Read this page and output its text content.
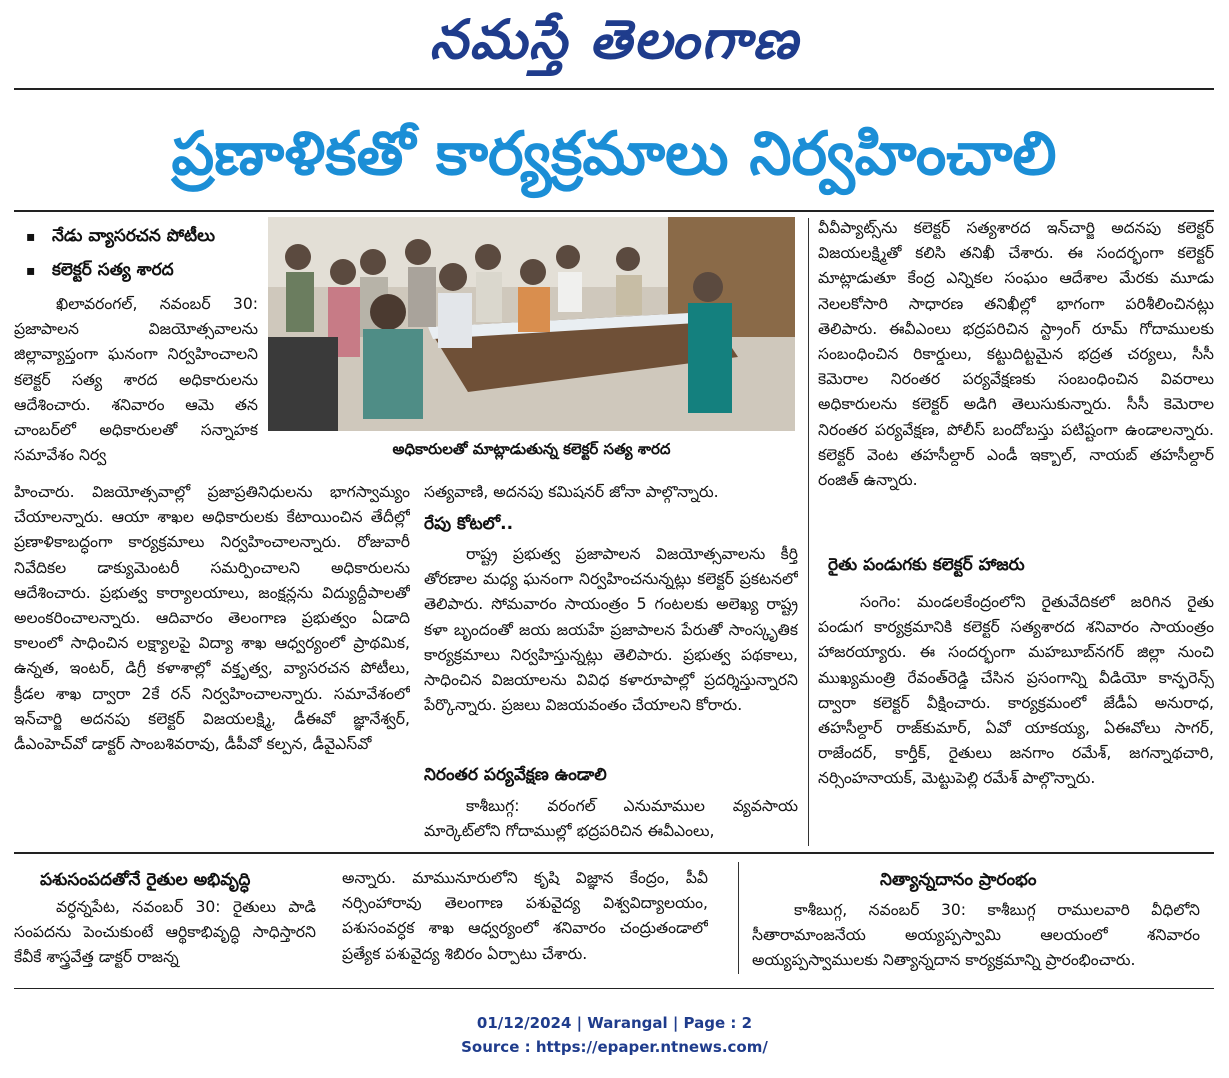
నమస్తే తెలంగాణ
ప్రణాళికతో కార్యక్రమాలు నిర్వహించాలి
▪ నేడు వ్యాసరచన పోటీలు
▪ కలెక్టర్ సత్య శారద

ఖిలావరంగల్, నవంబర్ 30: ప్రజాపాలన విజయోత్సవాలను జిల్లావ్యాప్తంగా ఘనంగా నిర్వహించాలని కలెక్టర్ సత్య శారద అధికారులను ఆదేశించారు. శనివారం ఆమె తన చాంబర్‌లో అధికారులతో సన్నాహక సమావేశం నిర్వ	అధికారులతో మాట్లాడుతున్న కలెక్టర్ సత్య శారద

హించారు. విజయోత్సవాల్లో ప్రజాప్రతినిధులను భాగస్వామ్యం చేయాలన్నారు. ఆయా శాఖల అధికారులకు కేటాయించిన తేదీల్లో ప్రణాళికాబద్ధంగా కార్యక్రమాలు నిర్వహించాలన్నారు. రోజువారీ నివేదికల డాక్యుమెంటరీ సమర్పించాలని అధికారులను ఆదేశించారు. ప్రభుత్వ కార్యాలయాలు, జంక్షన్లను విద్యుద్దీపాలతో అలంకరించాలన్నారు. ఆదివారం తెలంగాణ ప్రభుత్వం ఏడాది కాలంలో సాధించిన లక్ష్యాలపై విద్యా శాఖ ఆధ్వర్యంలో ప్రాథమిక, ఉన్నత, ఇంటర్, డిగ్రీ కళాశాల్లో వక్తృత్వ, వ్యాసరచన పోటీలు, క్రీడల శాఖ ద్వారా 2కే రన్ నిర్వహించాలన్నారు. సమావేశంలో ఇన్‌చార్జి అదనపు కలెక్టర్ విజయలక్ష్మి, డీఈవో జ్ఞానేశ్వర్, డీఎంహెచ్‌వో డాక్టర్ సాంబశివరావు, డీపీవో కల్పన, డీవైఎస్‌వో

సత్యవాణి, అదనపు కమిషనర్ జోనా పాల్గొన్నారు.

రేపు కోటలో..

రాష్ట్ర ప్రభుత్వ ప్రజాపాలన విజయోత్సవాలను కీర్తి తోరణాల మధ్య ఘనంగా నిర్వహించనున్నట్లు కలెక్టర్ ప్రకటనలో తెలిపారు. సోమవారం సాయంత్రం 5 గంటలకు అలెఖ్య రాష్ట్ర కళా బృందంతో జయ జయహే ప్రజాపాలన పేరుతో సాంస్కృతిక కార్యక్రమాలు నిర్వహిస్తున్నట్లు తెలిపారు. ప్రభుత్వ పథకాలు, సాధించిన విజయాలను వివిధ కళారూపాల్లో ప్రదర్శిస్తున్నారని పేర్కొన్నారు. ప్రజలు విజయవంతం చేయాలని కోరారు.

నిరంతర పర్యవేక్షణ ఉండాలి

కాశీబుగ్గ: వరంగల్ ఎనుమాముల వ్యవసాయ మార్కెట్‌లోని గోదాముల్లో భద్రపరిచిన ఈవీఎంలు,

వీవీప్యాట్స్‌ను కలెక్టర్ సత్యశారద ఇన్‌చార్జి అదనపు కలెక్టర్ విజయలక్ష్మితో కలిసి తనిఖీ చేశారు. ఈ సందర్భంగా కలెక్టర్ మాట్లాడుతూ కేంద్ర ఎన్నికల సంఘం ఆదేశాల మేరకు మూడు నెలలకోసారి సాధారణ తనిఖీల్లో భాగంగా పరిశీలించినట్లు తెలిపారు. ఈవీఎంలు భద్రపరిచిన స్ట్రాంగ్ రూమ్ గోదాములకు సంబంధించిన రికార్డులు, కట్టుదిట్టమైన భద్రత చర్యలు, సీసీ కెమెరాల నిరంతర పర్యవేక్షణకు సంబంధించిన వివరాలు అధికారులను కలెక్టర్ అడిగి తెలుసుకున్నారు. సీసీ కెమెరాల నిరంతర పర్యవేక్షణ, పోలీస్ బందోబస్తు పటిష్టంగా ఉండాలన్నారు. కలెక్టర్ వెంట తహసీల్దార్ ఎండీ ఇక్బాల్, నాయబ్ తహసీల్దార్ రంజిత్ ఉన్నారు.

రైతు పండుగకు కలెక్టర్ హాజరు

సంగెం: మండలకేంద్రంలోని రైతువేదికలో జరిగిన రైతు పండుగ కార్యక్రమానికి కలెక్టర్ సత్యశారద శనివారం సాయంత్రం హాజరయ్యారు. ఈ సందర్భంగా మహబూబ్‌నగర్ జిల్లా నుంచి ముఖ్యమంత్రి రేవంత్‌రెడ్డి చేసిన ప్రసంగాన్ని వీడియో కాన్ఫరెన్స్ ద్వారా కలెక్టర్ వీక్షించారు. కార్యక్రమంలో జేడీఏ అనురాధ, తహసీల్దార్ రాజ్‌కుమార్, ఏవో యాకయ్య, ఏఈవోలు సాగర్, రాజేందర్, కార్తీక్, రైతులు జనగాం రమేశ్, జగన్నాథచారి, నర్సింహనాయక్, మెట్టుపెల్లి రమేశ్ పాల్గొన్నారు.

పశుసంపదతోనే రైతుల అభివృద్ధి

వర్ధన్నపేట, నవంబర్ 30: రైతులు పాడి సంపదను పెంచుకుంటే ఆర్థికాభివృద్ధి సాధిస్తారని కేవీకే శాస్త్రవేత్త డాక్టర్ రాజన్న

అన్నారు. మామునూరులోని కృషి విజ్ఞాన కేంద్రం, పీవీ నర్సింహారావు తెలంగాణ పశువైద్య విశ్వవిద్యాలయం, పశుసంవర్ధక శాఖ ఆధ్వర్యంలో శనివారం చంద్రుతండాలో ప్రత్యేక పశువైద్య శిబిరం ఏర్పాటు చేశారు.

నిత్యాన్నదానం ప్రారంభం

కాశీబుగ్గ, నవంబర్ 30: కాశీబుగ్గ రాములవారి వీధిలోని సీతారామాంజనేయ అయ్యప్పస్వామి ఆలయంలో శనివారం అయ్యప్పస్వాములకు నిత్యాన్నదాన కార్యక్రమాన్ని ప్రారంభించారు.

01/12/2024 | Warangal | Page : 2
Source : https://epaper.ntnews.com/
